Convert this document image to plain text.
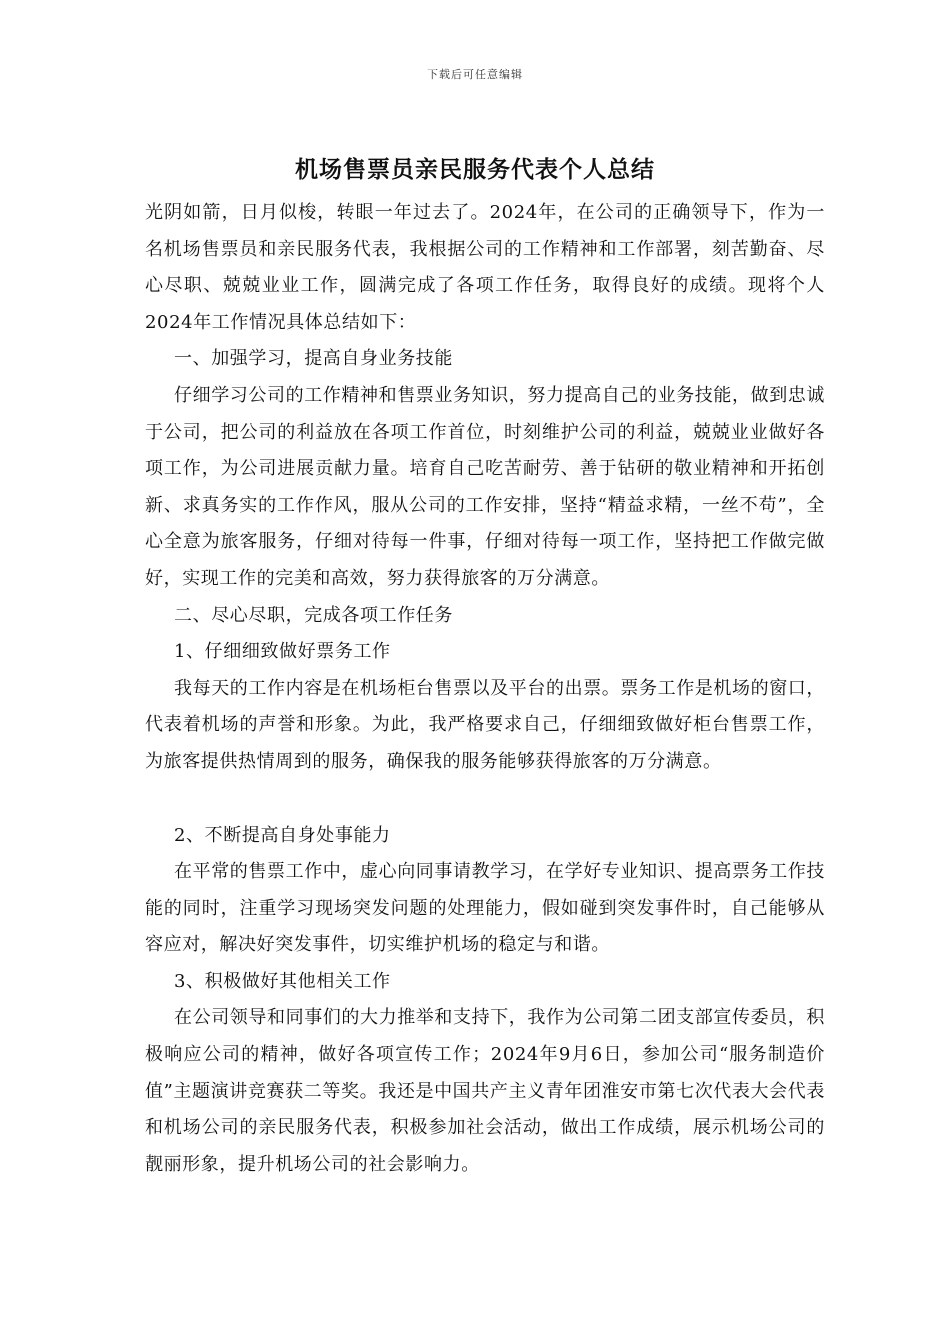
下载后可任意编辑
机场售票员亲民服务代表个人总结

光阴如箭，日月似梭，转眼一年过去了。2024年，在公司的正确领导下，作为一名机场售票员和亲民服务代表，我根据公司的工作精神和工作部署，刻苦勤奋、尽心尽职、兢兢业业工作，圆满完成了各项工作任务，取得良好的成绩。现将个人2024年工作情况具体总结如下：

一、加强学习，提高自身业务技能

仔细学习公司的工作精神和售票业务知识，努力提高自己的业务技能，做到忠诚于公司，把公司的利益放在各项工作首位，时刻维护公司的利益，兢兢业业做好各项工作，为公司进展贡献力量。培育自己吃苦耐劳、善于钻研的敬业精神和开拓创新、求真务实的工作作风，服从公司的工作安排，坚持“精益求精，一丝不苟”，全心全意为旅客服务，仔细对待每一件事，仔细对待每一项工作，坚持把工作做完做好，实现工作的完美和高效，努力获得旅客的万分满意。

二、尽心尽职，完成各项工作任务

1、仔细细致做好票务工作

我每天的工作内容是在机场柜台售票以及平台的出票。票务工作是机场的窗口，代表着机场的声誉和形象。为此，我严格要求自己，仔细细致做好柜台售票工作，为旅客提供热情周到的服务，确保我的服务能够获得旅客的万分满意。

2、不断提高自身处事能力

在平常的售票工作中，虚心向同事请教学习，在学好专业知识、提高票务工作技能的同时，注重学习现场突发问题的处理能力，假如碰到突发事件时，自己能够从容应对，解决好突发事件，切实维护机场的稳定与和谐。

3、积极做好其他相关工作

在公司领导和同事们的大力推举和支持下，我作为公司第二团支部宣传委员，积极响应公司的精神，做好各项宣传工作；2024年9月6日，参加公司“服务制造价值”主题演讲竞赛获二等奖。我还是中国共产主义青年团淮安市第七次代表大会代表和机场公司的亲民服务代表，积极参加社会活动，做出工作成绩，展示机场公司的靓丽形象，提升机场公司的社会影响力。
